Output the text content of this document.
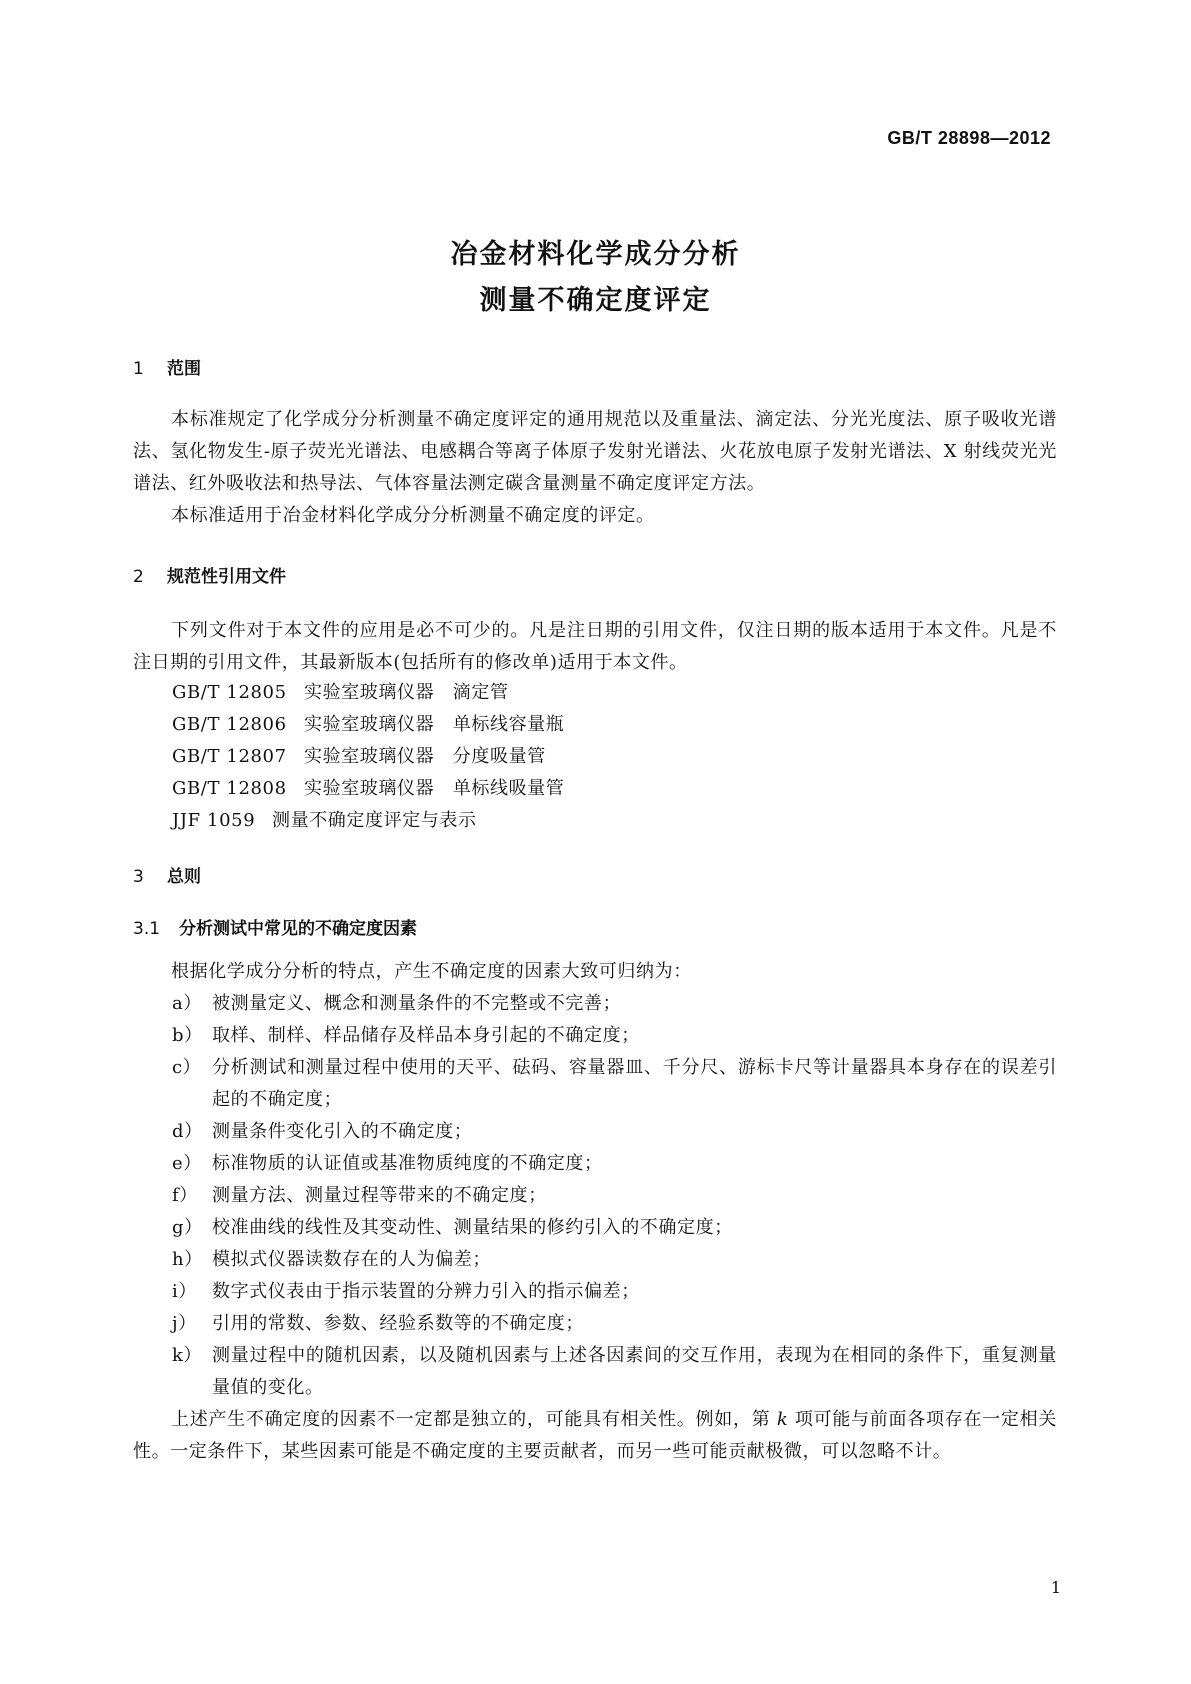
GB/T 28898—2012
冶金材料化学成分分析
测量不确定度评定
1 范围
本标准规定了化学成分分析测量不确定度评定的通用规范以及重量法、滴定法、分光光度法、原子吸收光谱法、氢化物发生-原子荧光光谱法、电感耦合等离子体原子发射光谱法、火花放电原子发射光谱法、X 射线荧光光谱法、红外吸收法和热导法、气体容量法测定碳含量测量不确定度评定方法。
本标准适用于冶金材料化学成分分析测量不确定度的评定。
2 规范性引用文件
下列文件对于本文件的应用是必不可少的。凡是注日期的引用文件，仅注日期的版本适用于本文件。凡是不注日期的引用文件，其最新版本(包括所有的修改单)适用于本文件。
GB/T 12805 实验室玻璃仪器　滴定管
GB/T 12806 实验室玻璃仪器　单标线容量瓶
GB/T 12807 实验室玻璃仪器　分度吸量管
GB/T 12808 实验室玻璃仪器　单标线吸量管
JJF 1059 测量不确定度评定与表示
3 总则
3.1 分析测试中常见的不确定度因素
根据化学成分分析的特点，产生不确定度的因素大致可归纳为：
a） 被测量定义、概念和测量条件的不完整或不完善；
b） 取样、制样、样品储存及样品本身引起的不确定度；
c） 分析测试和测量过程中使用的天平、砝码、容量器皿、千分尺、游标卡尺等计量器具本身存在的误差引起的不确定度；
d） 测量条件变化引入的不确定度；
e） 标准物质的认证值或基准物质纯度的不确定度；
f） 测量方法、测量过程等带来的不确定度；
g） 校准曲线的线性及其变动性、测量结果的修约引入的不确定度；
h） 模拟式仪器读数存在的人为偏差；
i） 数字式仪表由于指示装置的分辨力引入的指示偏差；
j） 引用的常数、参数、经验系数等的不确定度；
k） 测量过程中的随机因素，以及随机因素与上述各因素间的交互作用，表现为在相同的条件下，重复测量量值的变化。
上述产生不确定度的因素不一定都是独立的，可能具有相关性。例如，第 k 项可能与前面各项存在一定相关性。一定条件下，某些因素可能是不确定度的主要贡献者，而另一些可能贡献极微，可以忽略不计。
1
